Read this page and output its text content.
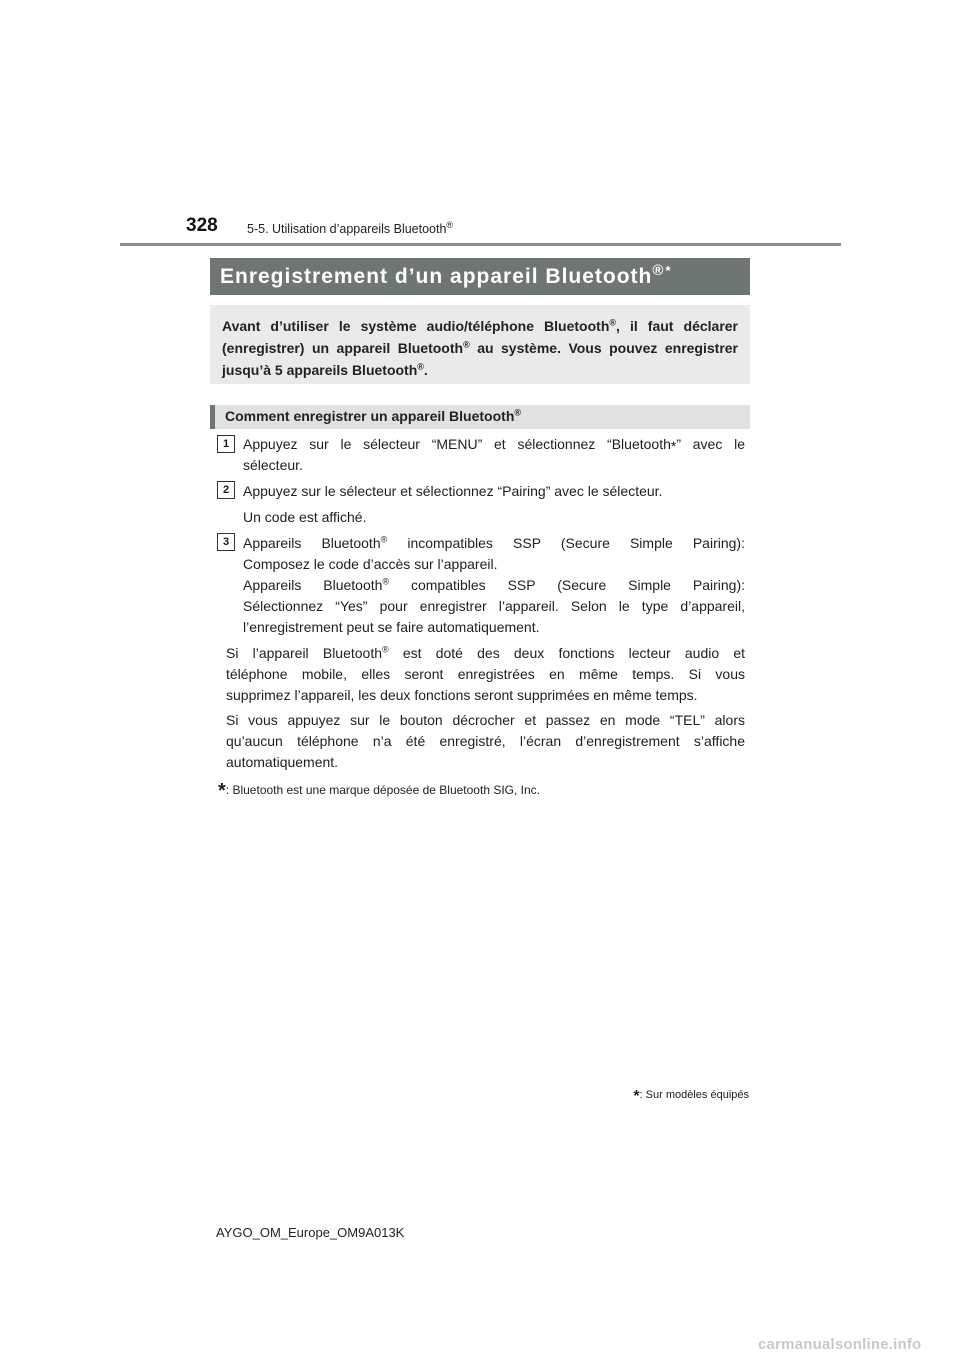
328 5-5. Utilisation d’appareils Bluetooth®
Enregistrement d’un appareil Bluetooth®*
Avant d’utiliser le système audio/téléphone Bluetooth®, il faut déclarer (enregistrer) un appareil Bluetooth® au système. Vous pouvez enregistrer jusqu’à 5 appareils Bluetooth®.
Comment enregistrer un appareil Bluetooth®
1 Appuyez sur le sélecteur “MENU” et sélectionnez “Bluetooth*” avec le
sélecteur.
2 Appuyez sur le sélecteur et sélectionnez “Pairing” avec le sélecteur.
Un code est affiché.
3 Appareils Bluetooth® incompatibles SSP (Secure Simple Pairing):
Composez le code d’accès sur l’appareil.
Appareils Bluetooth® compatibles SSP (Secure Simple Pairing):
Sélectionnez “Yes” pour enregistrer l’appareil. Selon le type d’appareil,
l’enregistrement peut se faire automatiquement.
Si l’appareil Bluetooth® est doté des deux fonctions lecteur audio et
téléphone mobile, elles seront enregistrées en même temps. Si vous
supprimez l’appareil, les deux fonctions seront supprimées en même temps.
Si vous appuyez sur le bouton décrocher et passez en mode “TEL” alors
qu’aucun téléphone n’a été enregistré, l’écran d’enregistrement s’affiche
automatiquement.
*: Bluetooth est une marque déposée de Bluetooth SIG, Inc.
*: Sur modèles équipés
AYGO_OM_Europe_OM9A013K
carmanualsonline.info
